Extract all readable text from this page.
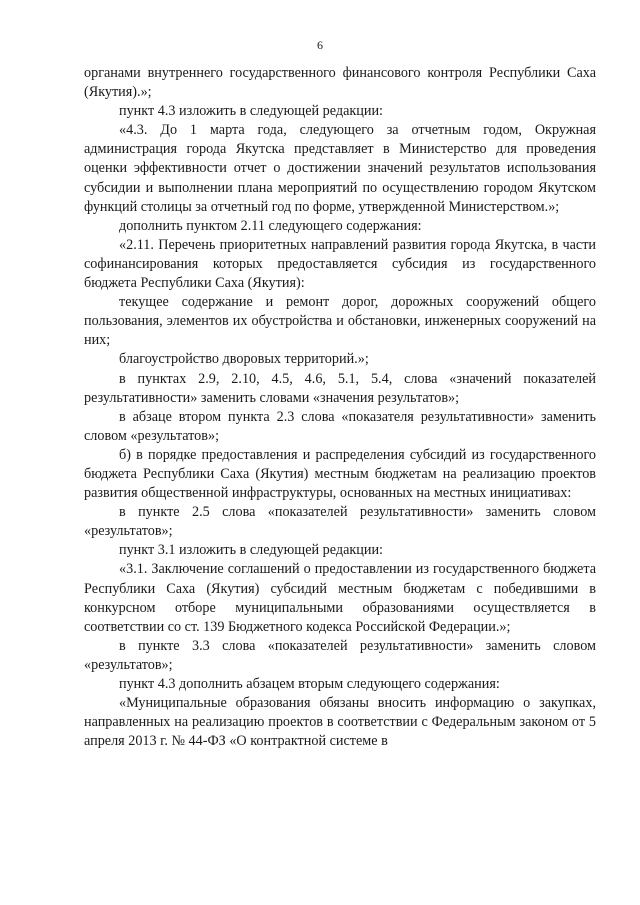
6

органами внутреннего государственного финансового контроля Республики Саха (Якутия).»;

пункт 4.3 изложить в следующей редакции:

«4.3. До 1 марта года, следующего за отчетным годом, Окружная администрация города Якутска представляет в Министерство для проведения оценки эффективности отчет о достижении значений результатов использования субсидии и выполнении плана мероприятий по осуществлению городом Якутском функций столицы за отчетный год по форме, утвержденной Министерством.»;

дополнить пунктом 2.11 следующего содержания:

«2.11. Перечень приоритетных направлений развития города Якутска, в части софинансирования которых предоставляется субсидия из государственного бюджета Республики Саха (Якутия):

текущее содержание и ремонт дорог, дорожных сооружений общего пользования, элементов их обустройства и обстановки, инженерных сооружений на них;

благоустройство дворовых территорий.»;

в пунктах 2.9, 2.10, 4.5, 4.6, 5.1, 5.4, слова «значений показателей результативности» заменить словами «значения результатов»;

в абзаце втором пункта 2.3 слова «показателя результативности» заменить словом «результатов»;

б) в порядке предоставления и распределения субсидий из государственного бюджета Республики Саха (Якутия) местным бюджетам на реализацию проектов развития общественной инфраструктуры, основанных на местных инициативах:

в пункте 2.5 слова «показателей результативности» заменить словом «результатов»;

пункт 3.1 изложить в следующей редакции:

«3.1. Заключение соглашений о предоставлении из государственного бюджета Республики Саха (Якутия) субсидий местным бюджетам с победившими в конкурсном отборе муниципальными образованиями осуществляется в соответствии со ст. 139 Бюджетного кодекса Российской Федерации.»;

в пункте 3.3 слова «показателей результативности» заменить словом «результатов»;

пункт 4.3 дополнить абзацем вторым следующего содержания:

«Муниципальные образования обязаны вносить информацию о закупках, направленных на реализацию проектов в соответствии с Федеральным законом от 5 апреля 2013 г. № 44-ФЗ «О контрактной системе в
